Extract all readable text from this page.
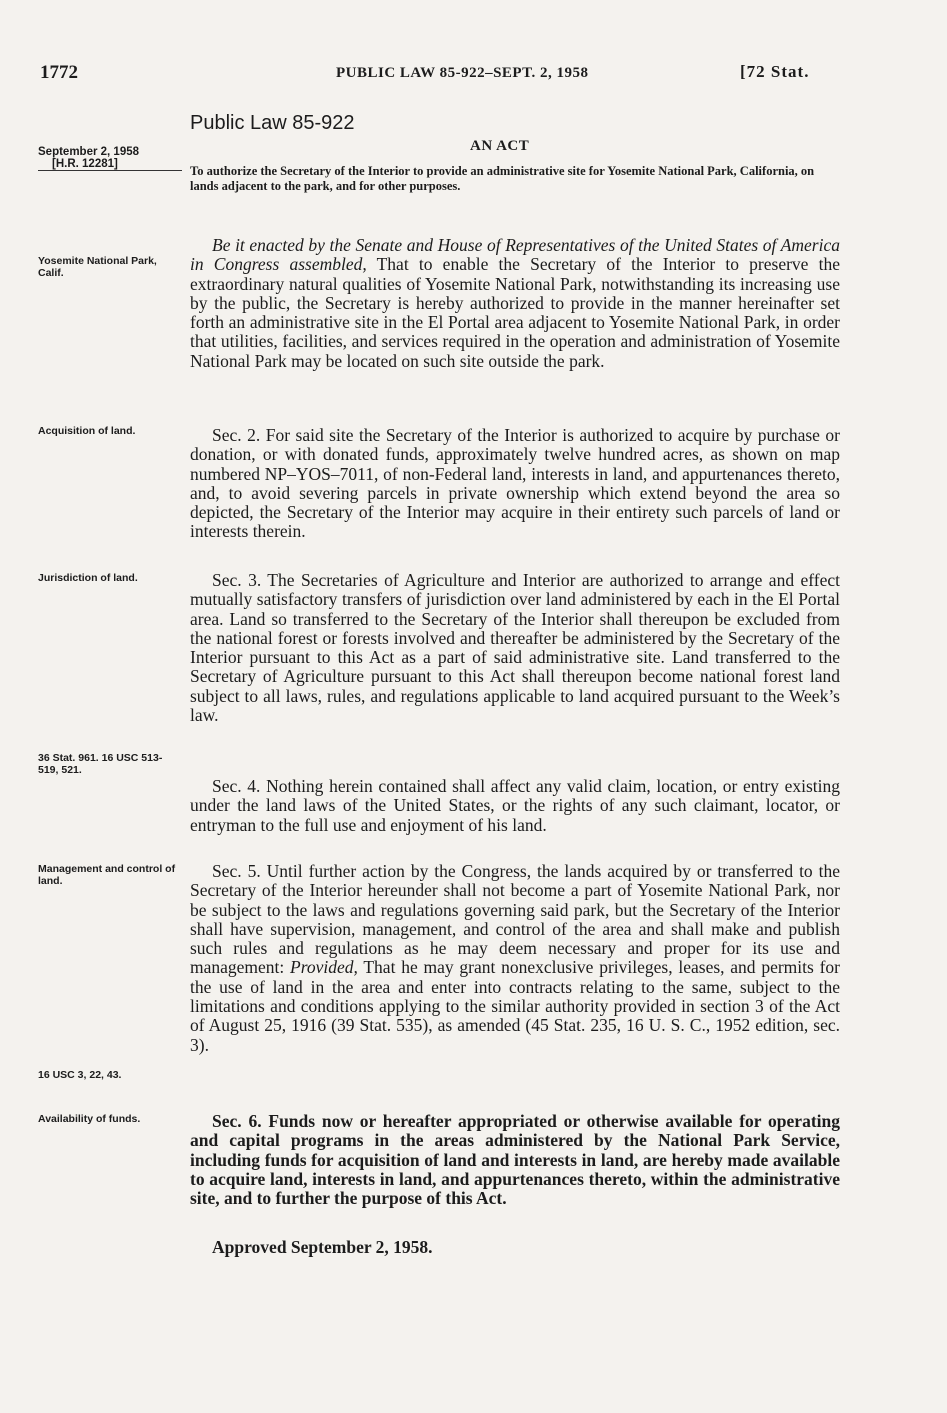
1772	PUBLIC LAW 85-922–SEPT. 2, 1958	[72 Stat.
Public Law 85-922
September 2, 1958

[H.R. 12281]
AN ACT
To authorize the Secretary of the Interior to provide an administrative site for Yosemite National Park, California, on lands adjacent to the park, and for other purposes.
Yosemite National Park, Calif.
Acquisition of land.
Jurisdiction of land.
36 Stat. 961. 16 USC 513-519, 521.
Management and control of land.
16 USC 3, 22, 43.
Availability of funds.

Be it enacted by the Senate and House of Representatives of the United States of America in Congress assembled, That to enable the Secretary of the Interior to preserve the extraordinary natural qualities of Yosemite National Park, notwithstanding its increasing use by the public, the Secretary is hereby authorized to provide in the manner hereinafter set forth an administrative site in the El Portal area adjacent to Yosemite National Park, in order that utilities, facilities, and services required in the operation and administration of Yosemite National Park may be located on such site outside the park.

Sec. 2. For said site the Secretary of the Interior is authorized to acquire by purchase or donation, or with donated funds, approximately twelve hundred acres, as shown on map numbered NP–YOS–7011, of non-Federal land, interests in land, and appurtenances thereto, and, to avoid severing parcels in private ownership which extend beyond the area so depicted, the Secretary of the Interior may acquire in their entirety such parcels of land or interests therein.

Sec. 3. The Secretaries of Agriculture and Interior are authorized to arrange and effect mutually satisfactory transfers of jurisdiction over land administered by each in the El Portal area. Land so transferred to the Secretary of the Interior shall thereupon be excluded from the national forest or forests involved and thereafter be administered by the Secretary of the Interior pursuant to this Act as a part of said administrative site. Land transferred to the Secretary of Agriculture pursuant to this Act shall thereupon become national forest land subject to all laws, rules, and regulations applicable to land acquired pursuant to the Week’s law.

Sec. 4. Nothing herein contained shall affect any valid claim, location, or entry existing under the land laws of the United States, or the rights of any such claimant, locator, or entryman to the full use and enjoyment of his land.

Sec. 5. Until further action by the Congress, the lands acquired by or transferred to the Secretary of the Interior hereunder shall not become a part of Yosemite National Park, nor be subject to the laws and regulations governing said park, but the Secretary of the Interior shall have supervision, management, and control of the area and shall make and publish such rules and regulations as he may deem necessary and proper for its use and management: Provided, That he may grant nonexclusive privileges, leases, and permits for the use of land in the area and enter into contracts relating to the same, subject to the limitations and conditions applying to the similar authority provided in section 3 of the Act of August 25, 1916 (39 Stat. 535), as amended (45 Stat. 235, 16 U. S. C., 1952 edition, sec. 3).

Sec. 6. Funds now or hereafter appropriated or otherwise available for operating and capital programs in the areas administered by the National Park Service, including funds for acquisition of land and interests in land, are hereby made available to acquire land, interests in land, and appurtenances thereto, within the administrative site, and to further the purpose of this Act.

Approved September 2, 1958.
